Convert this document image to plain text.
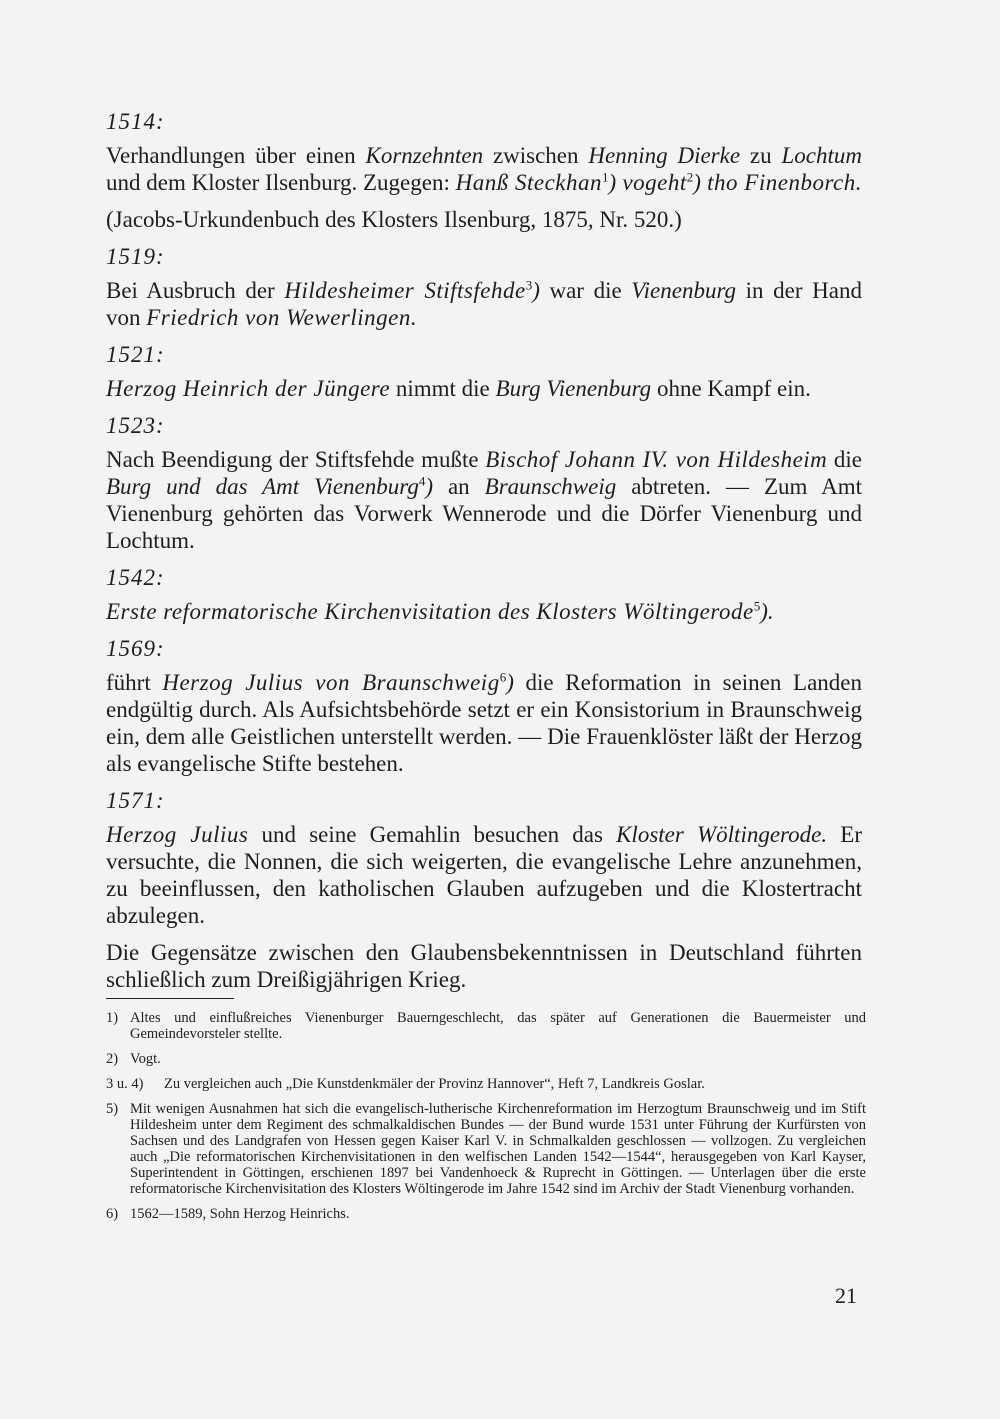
1514:

Verhandlungen über einen Kornzehnten zwischen Henning Dierke zu Lochtum und dem Kloster Ilsenburg. Zugegen: Hanß Steckhan$^1$) vogeht$^2$) tho Finenborch.

(Jacobs-Urkundenbuch des Klosters Ilsenburg, 1875, Nr. 520.)

1519:

Bei Ausbruch der Hildesheimer Stiftsfehde$^3$) war die Vienenburg in der Hand von Friedrich von Wewerlingen.

1521:

Herzog Heinrich der Jüngere nimmt die Burg Vienenburg ohne Kampf ein.

1523:

Nach Beendigung der Stiftsfehde mußte Bischof Johann IV. von Hildesheim die Burg und das Amt Vienenburg$^4$) an Braunschweig abtreten. — Zum Amt Vienenburg gehörten das Vorwerk Wennerode und die Dörfer Vienenburg und Lochtum.

1542:

Erste reformatorische Kirchenvisitation des Klosters Wöltingerode$^5$).

1569:

führt Herzog Julius von Braunschweig$^6$) die Reformation in seinen Landen endgültig durch. Als Aufsichtsbehörde setzt er ein Konsistorium in Braunschweig ein, dem alle Geistlichen unterstellt werden. — Die Frauenklöster läßt der Herzog als evangelische Stifte bestehen.

1571:

Herzog Julius und seine Gemahlin besuchen das Kloster Wöltingerode. Er versuchte, die Nonnen, die sich weigerten, die evangelische Lehre anzunehmen, zu beeinflussen, den katholischen Glauben aufzugeben und die Klostertracht abzulegen.

Die Gegensätze zwischen den Glaubensbekenntnissen in Deutschland führten schließlich zum Dreißigjährigen Krieg.

1) Altes und einflußreiches Vienenburger Bauerngeschlecht, das später auf Generationen die Bauermeister und Gemeindevorsteler stellte.
2) Vogt.
3 u. 4)	Zu vergleichen auch „Die Kunstdenkmäler der Provinz Hannover“, Heft 7, Landkreis Goslar.
5) Mit wenigen Ausnahmen hat sich die evangelisch-lutherische Kirchenreformation im Herzogtum Braunschweig und im Stift Hildesheim unter dem Regiment des schmalkaldischen Bundes — der Bund wurde 1531 unter Führung der Kurfürsten von Sachsen und des Landgrafen von Hessen gegen Kaiser Karl V. in Schmalkalden geschlossen — vollzogen. Zu vergleichen auch „Die reformatorischen Kirchenvisitationen in den welfischen Landen 1542—1544“, herausgegeben von Karl Kayser, Superintendent in Göttingen, erschienen 1897 bei Vandenhoeck & Ruprecht in Göttingen. — Unterlagen über die erste reformatorische Kirchenvisitation des Klosters Wöltingerode im Jahre 1542 sind im Archiv der Stadt Vienenburg vorhanden.
6) 1562—1589, Sohn Herzog Heinrichs.
21
